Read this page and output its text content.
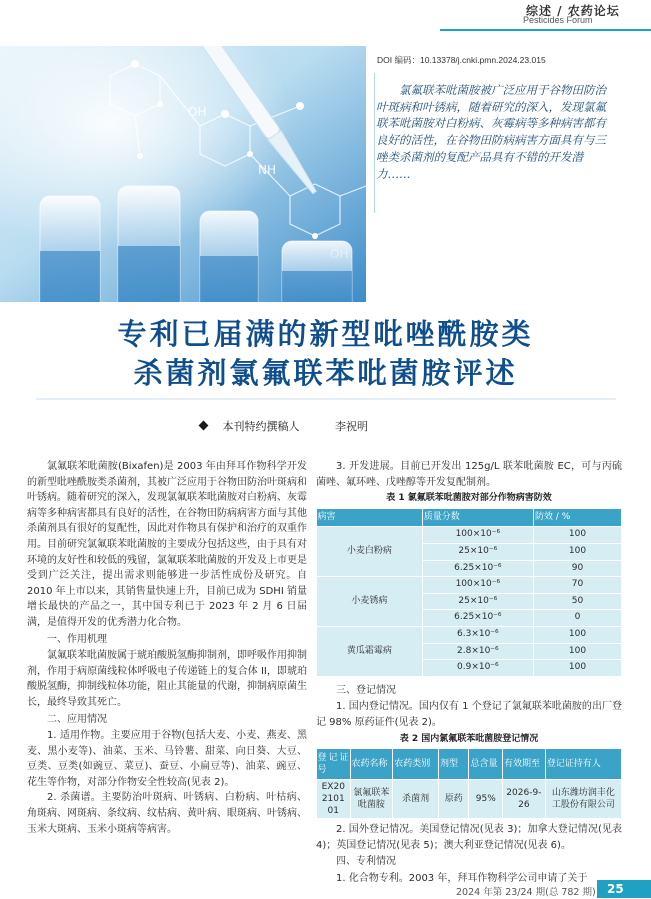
综述 / 农药论坛
Pesticides Forum
OH
NH
DOI 编码：10.13378/j.cnki.pmn.2024.23.015
氯氟联苯吡菌胺被广泛应用于谷物田防治叶斑病和叶锈病，随着研究的深入，发现氯氟联苯吡菌胺对白粉病、灰霉病等多种病害都有良好的活性，在谷物田防病病害方面具有与三唑类杀菌剂的复配产品具有不错的开发潜力……
专利已届满的新型吡唑酰胺类
杀菌剂氯氟联苯吡菌胺评述
本刊特约撰稿人	李祝明

氯氟联苯吡菌胺(Bixafen)是 2003 年由拜耳作物科学开发的新型吡唑酰胺类杀菌剂，其被广泛应用于谷物田防治叶斑病和叶锈病。随着研究的深入，发现氯氟联苯吡菌胺对白粉病、灰霉病等多种病害都具有良好的活性，在谷物田防病病害方面与其他杀菌剂具有很好的复配性，因此对作物具有保护和治疗的双重作用。目前研究氯氟联苯吡菌胺的主要成分包括这些，由于具有对环境的友好性和较低的残留，氯氟联苯吡菌胺的开发及上市更是受到广泛关注，提出需求则能够进一步活性成份及研究。自 2010 年上市以来，其销售量快速上升，目前已成为 SDHI 销量增长最快的产品之一，其中国专利已于 2023 年 2 月 6 日届满，是值得开发的优秀潜力化合物。

一、作用机理

氯氟联苯吡菌胺属于琥珀酸脱氢酶抑制剂，即呼吸作用抑制剂，作用于病原菌线粒体呼吸电子传递链上的复合体 II，即琥珀酸脱氢酶，抑制线粒体功能，阻止其能量的代谢，抑制病原菌生长，最终导致其死亡。

二、应用情况

1. 适用作物。主要应用于谷物(包括大麦、小麦、燕麦、黑麦、黑小麦等)、油菜、玉米、马铃薯、甜菜、向日葵、大豆、豆类、豆类(如豌豆、菜豆)、蚕豆、小扁豆等)、油菜、豌豆、花生等作物，对部分作物安全性较高(见表 2)。

2. 杀菌谱。主要防治叶斑病、叶锈病、白粉病、叶枯病、角斑病、网斑病、条纹病、纹枯病、黄叶病、眼斑病、叶锈病、玉米大斑病、玉米小斑病等病害。

3. 开发进展。目前已开发出 125g/L 联苯吡菌胺 EC，可与丙硫菌唑、氟环唑、戊唑醇等开发复配制剂。

表 1 氯氟联苯吡菌胺对部分作物病害防效
病害	质量分数	防效 / %
小麦白粉病	100×10⁻⁶	100
	25×10⁻⁶	100
	6.25×10⁻⁶	90
小麦锈病	100×10⁻⁶	70
	25×10⁻⁶	50
	6.25×10⁻⁶	0
黄瓜霜霉病	6.3×10⁻⁶	100
	2.8×10⁻⁶	100
	0.9×10⁻⁶	100

三、登记情况

1. 国内登记情况。国内仅有 1 个登记了氯氟联苯吡菌胺的出厂登记 98% 原药证件(见表 2)。

表 2 国内氯氟联苯吡菌胺登记情况
登记证号	农药名称	农药类别	剂型	总含量	有效期至	登记证持有人
EX20210101	氯氟联苯吡菌胺	杀菌剂	原药	95%	2026-9-26	山东潍坊润丰化工股份有限公司

2. 国外登记情况。美国登记情况(见表 3)；加拿大登记情况(见表 4)；英国登记情况(见表 5)；澳大利亚登记情况(见表 6)。

四、专利情况

1. 化合物专利。2003 年，拜耳作物科学公司申请了关于

2024 年第 23/24 期(总 782 期) 25
